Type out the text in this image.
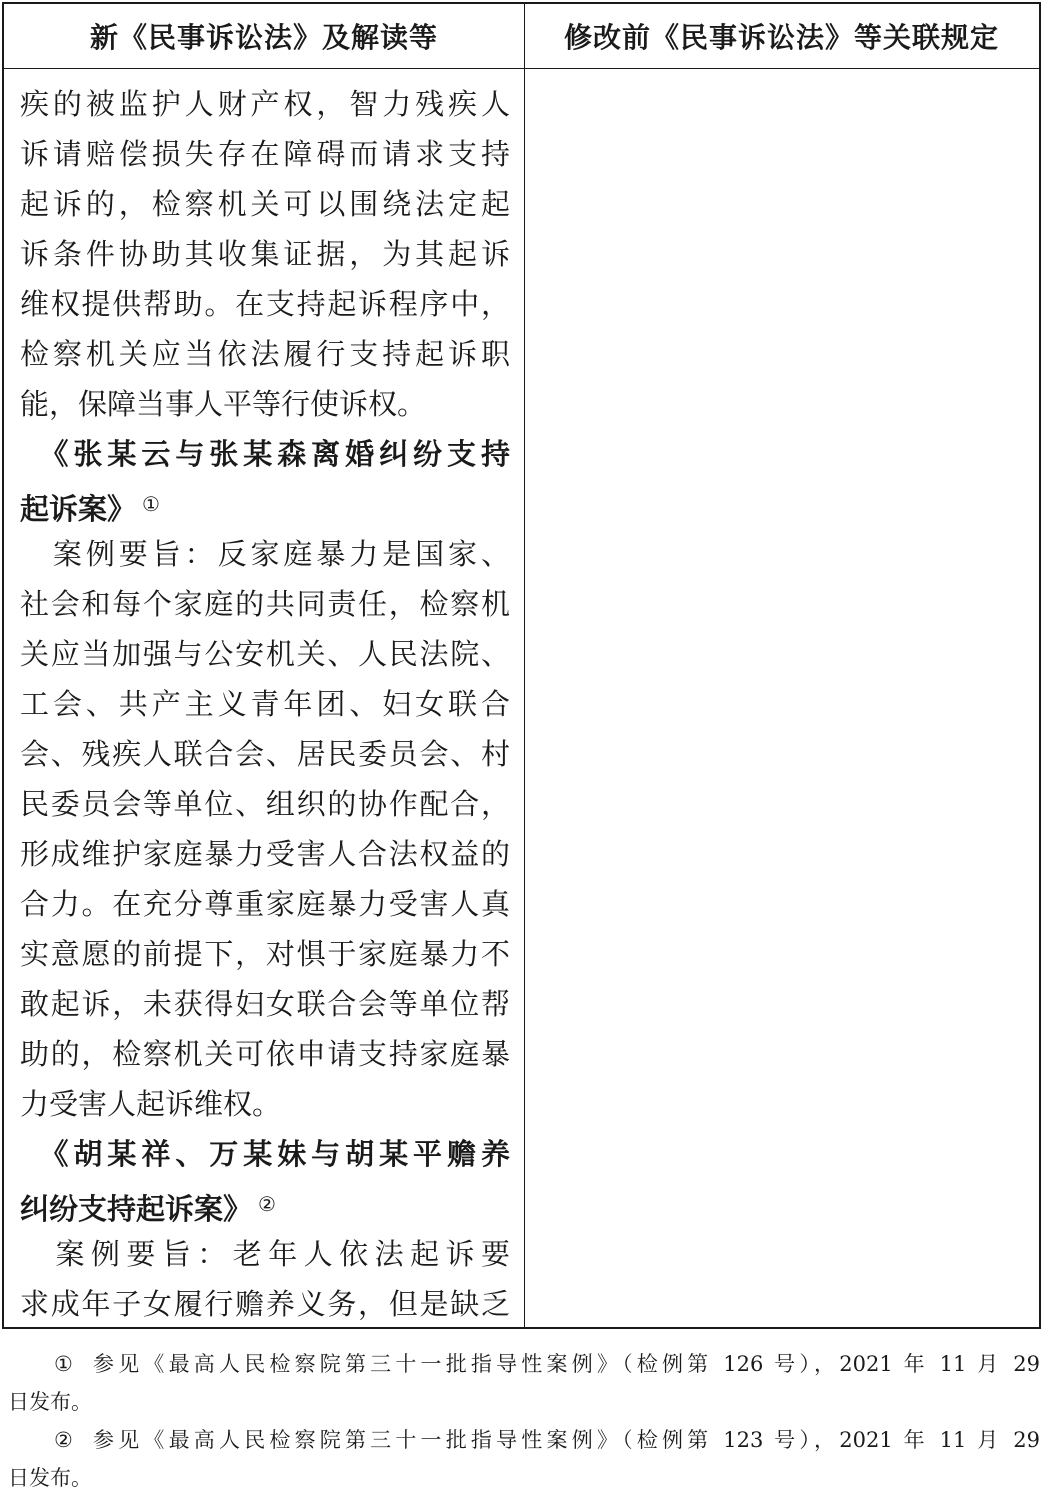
新《民事诉讼法》及解读等	修改前《民事诉讼法》等关联规定
疾的被监护人财产权，智力残疾人
诉请赔偿损失存在障碍而请求支持
起诉的，检察机关可以围绕法定起
诉条件协助其收集证据，为其起诉
维权提供帮助。在支持起诉程序中，
检察机关应当依法履行支持起诉职
能，保障当事人平等行使诉权。
　《张某云与张某森离婚纠纷支持
起诉案》 ①
　案例要旨：反家庭暴力是国家、
社会和每个家庭的共同责任，检察机
关应当加强与公安机关、人民法院、
工会、共产主义青年团、妇女联合
会、残疾人联合会、居民委员会、村
民委员会等单位、组织的协作配合，
形成维护家庭暴力受害人合法权益的
合力。在充分尊重家庭暴力受害人真
实意愿的前提下，对惧于家庭暴力不
敢起诉，未获得妇女联合会等单位帮
助的，检察机关可依申请支持家庭暴
力受害人起诉维权。
　《胡某祥、万某妹与胡某平赡养
纠纷支持起诉案》 ②
　案例要旨：老年人依法起诉要
求成年子女履行赡养义务，但是缺乏
① 参见《最高人民检察院第三十一批指导性案例》（检例第 126 号），2021 年 11 月 29
日发布。
② 参见《最高人民检察院第三十一批指导性案例》（检例第 123 号），2021 年 11 月 29
日发布。
